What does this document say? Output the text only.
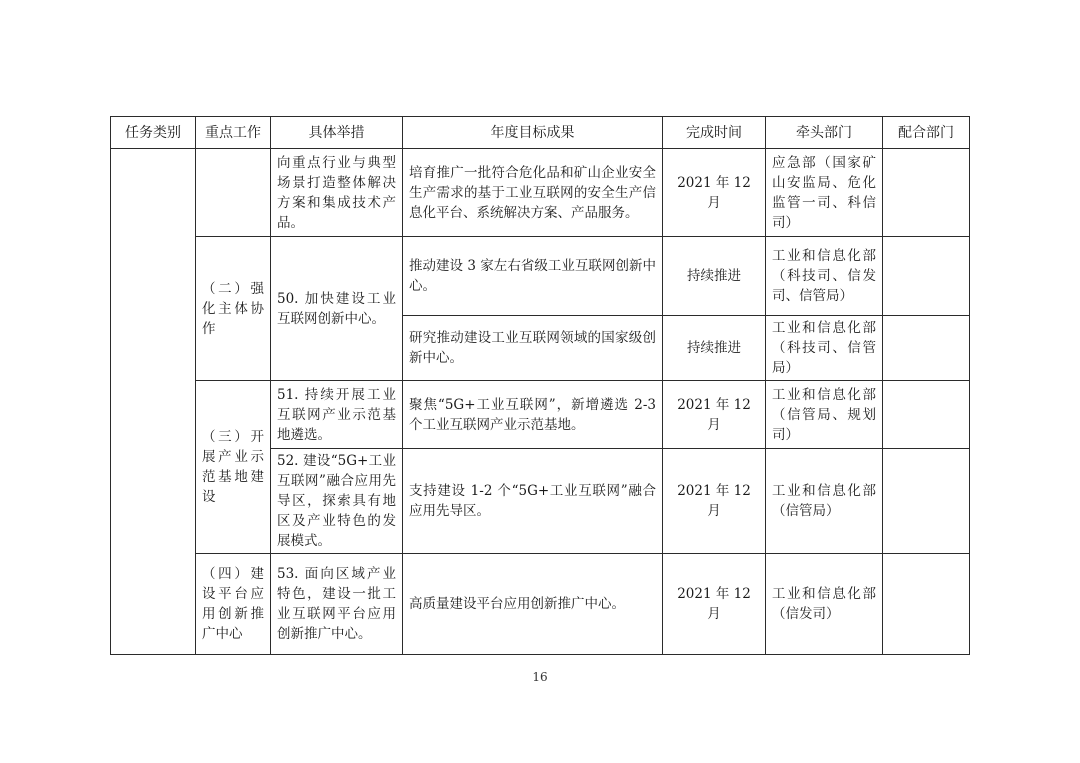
任务类别	重点工作	具体举措	年度目标成果	完成时间	牵头部门	配合部门

		向重点行业与典型场景打造整体解决方案和集成技术产品。	培育推广一批符合危化品和矿山企业安全生产需求的基于工业互联网的安全生产信息化平台、系统解决方案、产品服务。	2021 年 12 月	应急部（国家矿山安监局、危化监管一司、科信司）	

	（二）强化主体协作	50. 加快建设工业互联网创新中心。	推动建设 3 家左右省级工业互联网创新中心。	持续推进	工业和信息化部（科技司、信发司、信管局）	

			研究推动建设工业互联网领域的国家级创新中心。	持续推进	工业和信息化部（科技司、信管局）	

	（三）开展产业示范基地建设	51. 持续开展工业互联网产业示范基地遴选。	聚焦“5G+工业互联网”，新增遴选 2-3 个工业互联网产业示范基地。	2021 年 12 月	工业和信息化部（信管局、规划司）	

		52. 建设“5G+工业互联网”融合应用先导区，探索具有地区及产业特色的发展模式。	支持建设 1-2 个“5G+工业互联网”融合应用先导区。	2021 年 12 月	工业和信息化部（信管局）	

	（四）建设平台应用创新推广中心	53. 面向区域产业特色，建设一批工业互联网平台应用创新推广中心。	高质量建设平台应用创新推广中心。	2021 年 12 月	工业和信息化部（信发司）	

16
